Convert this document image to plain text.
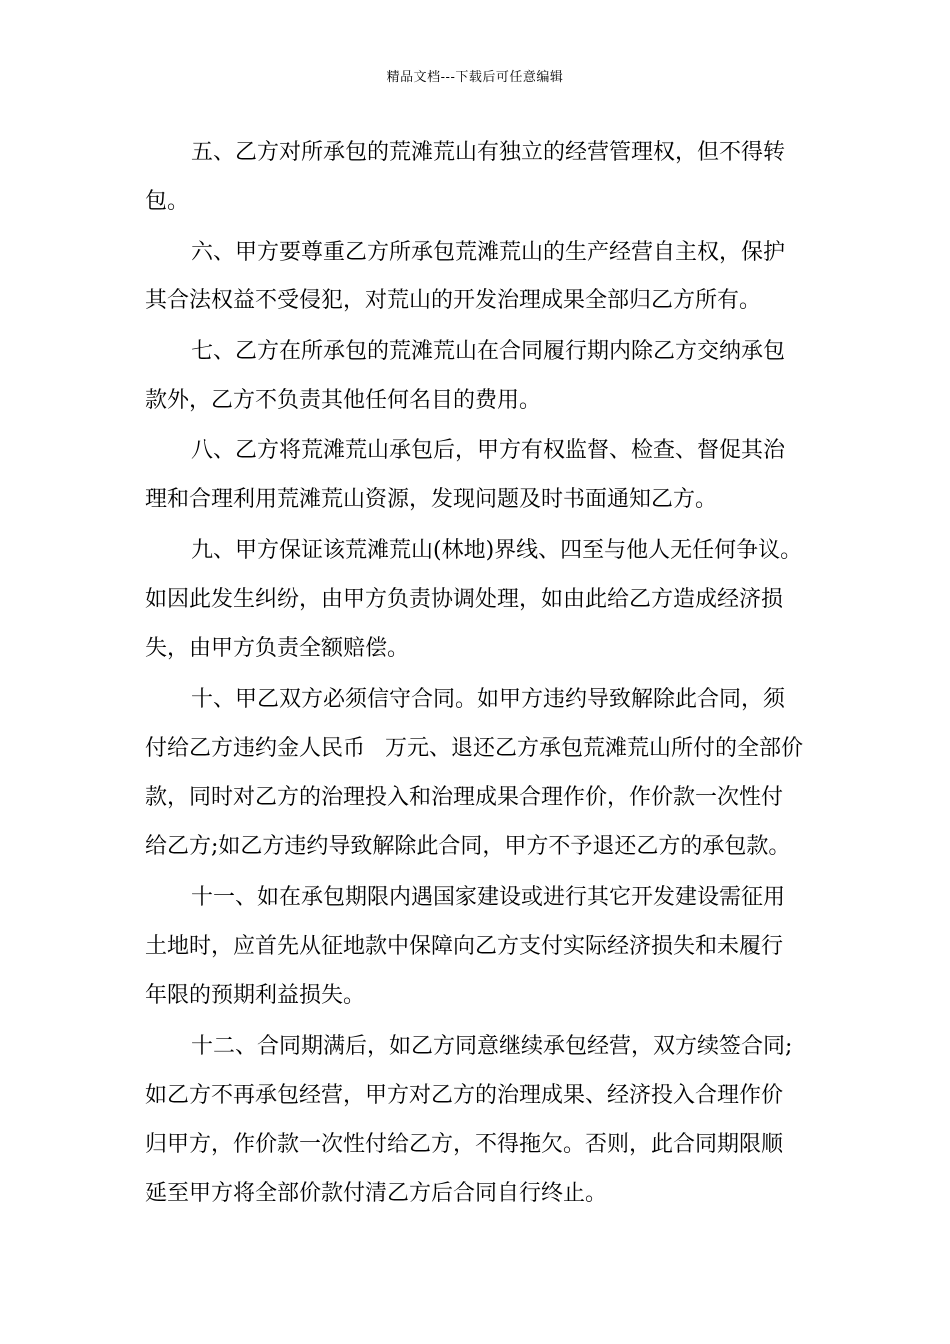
精品文档---下载后可任意编辑
五、乙方对所承包的荒滩荒山有独立的经营管理权，但不得转
包。
六、甲方要尊重乙方所承包荒滩荒山的生产经营自主权，保护
其合法权益不受侵犯，对荒山的开发治理成果全部归乙方所有。
七、乙方在所承包的荒滩荒山在合同履行期内除乙方交纳承包
款外，乙方不负责其他任何名目的费用。
八、乙方将荒滩荒山承包后，甲方有权监督、检查、督促其治
理和合理利用荒滩荒山资源，发现问题及时书面通知乙方。
九、甲方保证该荒滩荒山(林地)界线、四至与他人无任何争议。
如因此发生纠纷，由甲方负责协调处理，如由此给乙方造成经济损
失，由甲方负责全额赔偿。
十、甲乙双方必须信守合同。如甲方违约导致解除此合同，须
付给乙方违约金人民币 万元、退还乙方承包荒滩荒山所付的全部价
款，同时对乙方的治理投入和治理成果合理作价，作价款一次性付
给乙方;如乙方违约导致解除此合同，甲方不予退还乙方的承包款。
十一、如在承包期限内遇国家建设或进行其它开发建设需征用
土地时，应首先从征地款中保障向乙方支付实际经济损失和未履行
年限的预期利益损失。
十二、合同期满后，如乙方同意继续承包经营，双方续签合同;
如乙方不再承包经营，甲方对乙方的治理成果、经济投入合理作价
归甲方，作价款一次性付给乙方，不得拖欠。否则，此合同期限顺
延至甲方将全部价款付清乙方后合同自行终止。
